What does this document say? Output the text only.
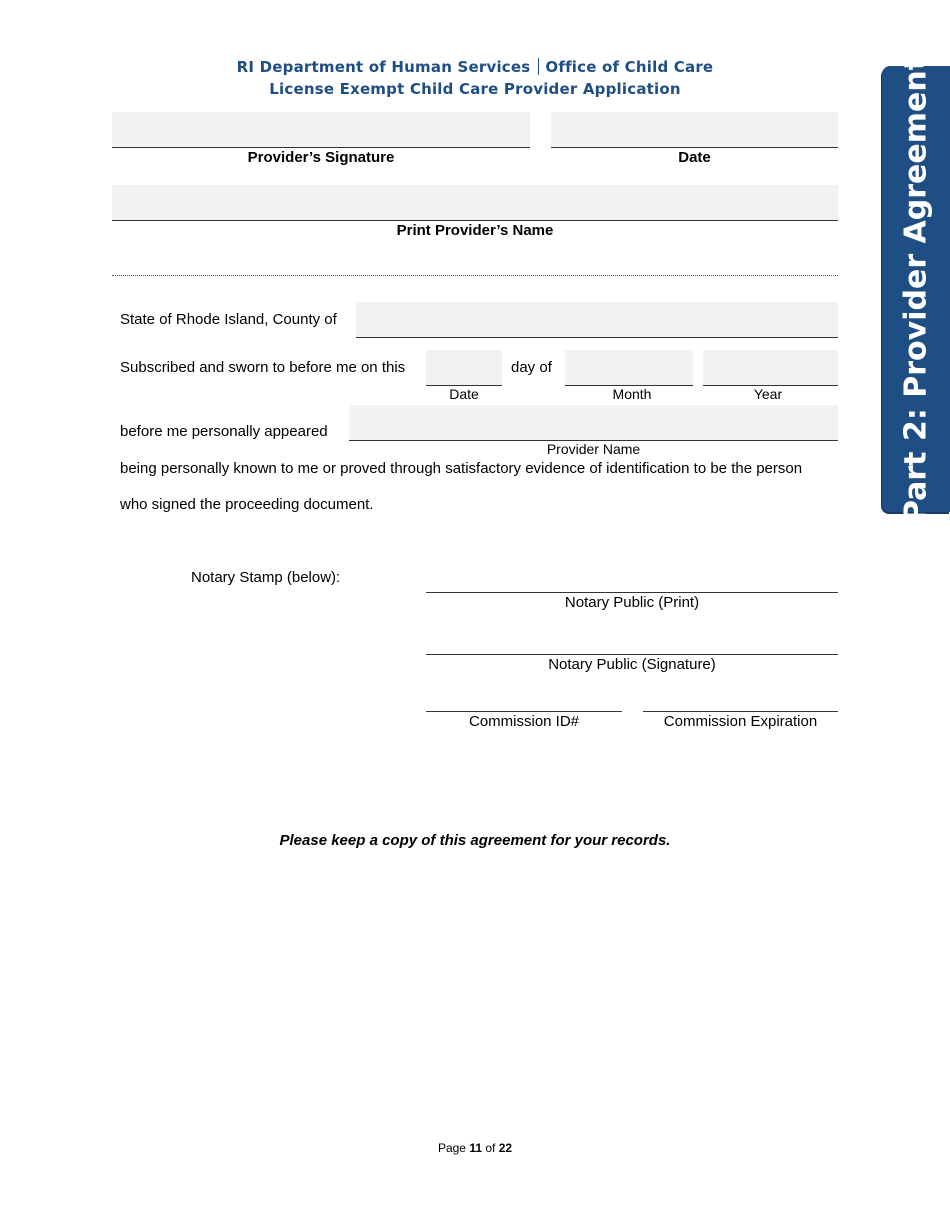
RI Department of Human Services Office of Child Care
License Exempt Child Care Provider Application	Part 2: Provider Agreement
Provider’s Signature	Date
Print Provider’s Name
State of Rhode Island, County of
Subscribed and sworn to before me on this	day of
Date	Month	Year
before me personally appeared
Provider Name
being personally known to me or proved through satisfactory evidence of identification to be the person
who signed the proceeding document.
Notary Stamp (below):
Notary Public (Print)
Notary Public (Signature)
Commission ID#	Commission Expiration
Please keep a copy of this agreement for your records.
Page 11 of 22
